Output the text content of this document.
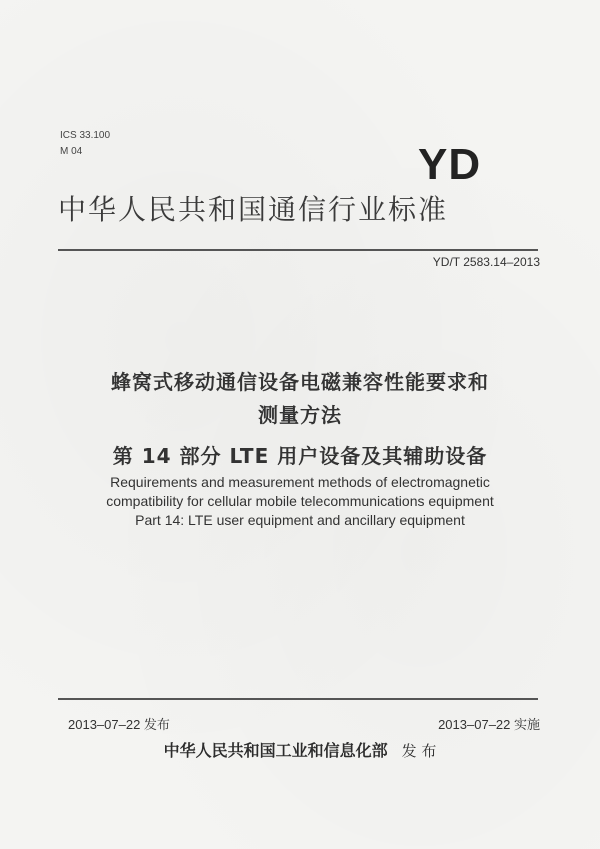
ICS 33.100
M 04	YD
中华人民共和国通信行业标准
YD/T 2583.14–2013
蜂窝式移动通信设备电磁兼容性能要求和
测量方法
第 14 部分 LTE 用户设备及其辅助设备
Requirements and measurement methods of electromagnetic
compatibility for cellular mobile telecommunications equipment
Part 14: LTE user equipment and ancillary equipment
2013–07–22 发布	2013–07–22 实施
中华人民共和国工业和信息化部 发 布
